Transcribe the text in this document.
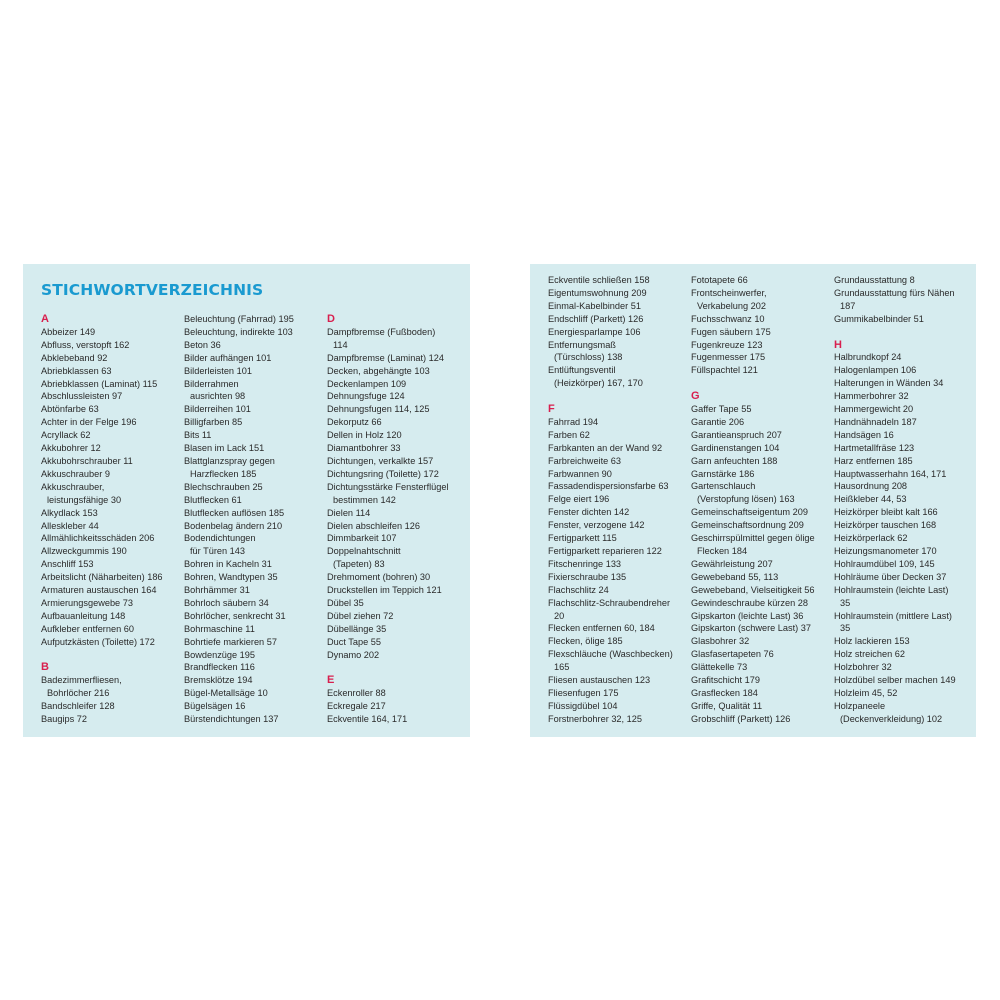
STICHWORTVERZEICHNIS
A
Abbeizer 149
Abfluss, verstopft 162
Abklebeband 92
Abriebklassen 63
Abriebklassen (Laminat) 115
Abschlussleisten 97
Abtönfarbe 63
Achter in der Felge 196
Acryllack 62
Akkubohrer 12
Akkubohrschrauber 11
Akkuschrauber 9
Akkuschrauber,
leistungsfähige 30
Alkydlack 153
Alleskleber 44
Allmählichkeitsschäden 206
Allzweckgummis 190
Anschliff 153
Arbeitslicht (Näharbeiten) 186
Armaturen austauschen 164
Armierungsgewebe 73
Aufbauanleitung 148
Aufkleber entfernen 60
Aufputzkästen (Toilette) 172
B
Badezimmerfliesen,
Bohrlöcher 216
Bandschleifer 128
Baugips 72
Beleuchtung (Fahrrad) 195
Beleuchtung, indirekte 103
Beton 36
Bilder aufhängen 101
Bilderleisten 101
Bilderrahmen
ausrichten 98
Bilderreihen 101
Billigfarben 85
Bits 11
Blasen im Lack 151
Blattglanzspray gegen
Harzflecken 185
Blechschrauben 25
Blutflecken 61
Blutflecken auflösen 185
Bodenbelag ändern 210
Bodendichtungen
für Türen 143
Bohren in Kacheln 31
Bohren, Wandtypen 35
Bohrhämmer 31
Bohrloch säubern 34
Bohrlöcher, senkrecht 31
Bohrmaschine 11
Bohrtiefe markieren 57
Bowdenzüge 195
Brandflecken 116
Bremsklötze 194
Bügel-Metallsäge 10
Bügelsägen 16
Bürstendichtungen 137
D
Dampfbremse (Fußboden)
114
Dampfbremse (Laminat) 124
Decken, abgehängte 103
Deckenlampen 109
Dehnungsfuge 124
Dehnungsfugen 114, 125
Dekorputz 66
Dellen in Holz 120
Diamantbohrer 33
Dichtungen, verkalkte 157
Dichtungsring (Toilette) 172
Dichtungsstärke Fensterflügel
bestimmen 142
Dielen 114
Dielen abschleifen 126
Dimmbarkeit 107
Doppelnahtschnitt
(Tapeten) 83
Drehmoment (bohren) 30
Druckstellen im Teppich 121
Dübel 35
Dübel ziehen 72
Dübellänge 35
Duct Tape 55
Dynamo 202
E
Eckenroller 88
Eckregale 217
Eckventile 164, 171
Eckventile schließen 158
Eigentumswohnung 209
Einmal-Kabelbinder 51
Endschliff (Parkett) 126
Energiesparlampe 106
Entfernungsmaß
(Türschloss) 138
Entlüftungsventil
(Heizkörper) 167, 170
F
Fahrrad 194
Farben 62
Farbkanten an der Wand 92
Farbreichweite 63
Farbwannen 90
Fassadendispersionsfarbe 63
Felge eiert 196
Fenster dichten 142
Fenster, verzogene 142
Fertigparkett 115
Fertigparkett reparieren 122
Fitschenringe 133
Fixierschraube 135
Flachschlitz 24
Flachschlitz-Schraubendreher
20
Flecken entfernen 60, 184
Flecken, ölige 185
Flexschläuche (Waschbecken)
165
Fliesen austauschen 123
Fliesenfugen 175
Flüssigdübel 104
Forstnerbohrer 32, 125
Fototapete 66
Frontscheinwerfer,
Verkabelung 202
Fuchsschwanz 10
Fugen säubern 175
Fugenkreuze 123
Fugenmesser 175
Füllspachtel 121
G
Gaffer Tape 55
Garantie 206
Garantieanspruch 207
Gardinenstangen 104
Garn anfeuchten 188
Garnstärke 186
Gartenschlauch
(Verstopfung lösen) 163
Gemeinschaftseigentum 209
Gemeinschaftsordnung 209
Geschirrspülmittel gegen ölige
Flecken 184
Gewährleistung 207
Gewebeband 55, 113
Gewebeband, Vielseitigkeit 56
Gewindeschraube kürzen 28
Gipskarton (leichte Last) 36
Gipskarton (schwere Last) 37
Glasbohrer 32
Glasfasertapeten 76
Glättekelle 73
Grafitschicht 179
Grasflecken 184
Griffe, Qualität 11
Grobschliff (Parkett) 126
Grundausstattung 8
Grundausstattung fürs Nähen
187
Gummikabelbinder 51
H
Halbrundkopf 24
Halogenlampen 106
Halterungen in Wänden 34
Hammerbohrer 32
Hammergewicht 20
Handnähnadeln 187
Handsägen 16
Hartmetallfräse 123
Harz entfernen 185
Hauptwasserhahn 164, 171
Hausordnung 208
Heißkleber 44, 53
Heizkörper bleibt kalt 166
Heizkörper tauschen 168
Heizkörperlack 62
Heizungsmanometer 170
Hohlraumdübel 109, 145
Hohlräume über Decken 37
Hohlraumstein (leichte Last)
35
Hohlraumstein (mittlere Last)
35
Holz lackieren 153
Holz streichen 62
Holzbohrer 32
Holzdübel selber machen 149
Holzleim 45, 52
Holzpaneele
(Deckenverkleidung) 102
